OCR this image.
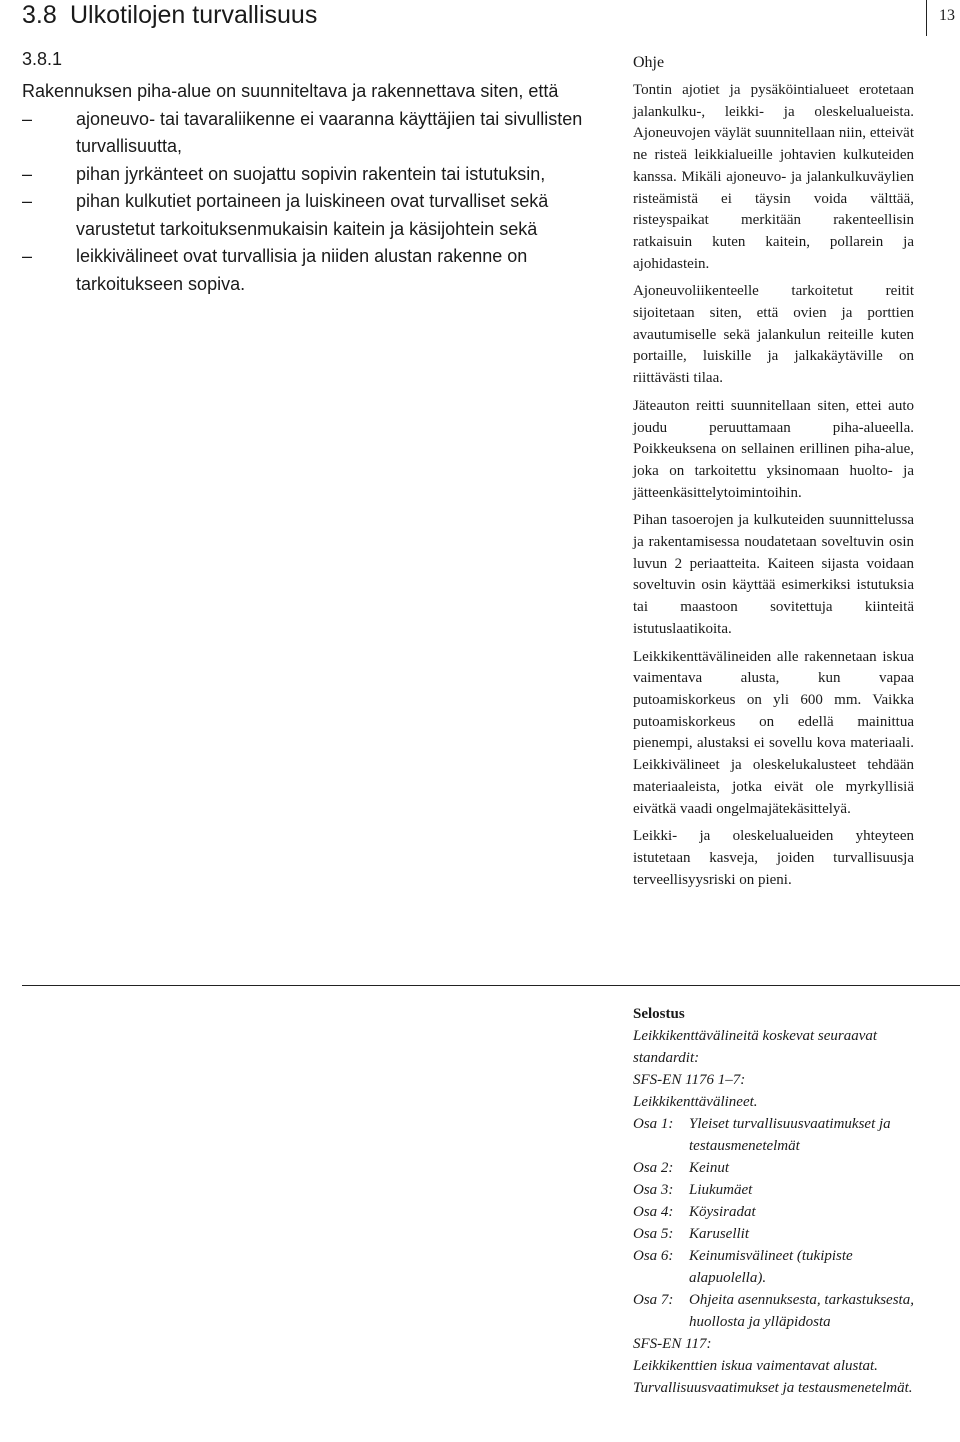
3.8 Ulkotilojen turvallisuus	13
3.8.1

Rakennuksen piha-alue on suunniteltava ja rakennettava siten, että

–	ajoneuvo- tai tavaraliikenne ei vaaranna käyttäjien tai sivullisten turvallisuutta,
–	pihan jyrkänteet on suojattu sopivin rakentein tai istutuksin,
–	pihan kulkutiet portaineen ja luiskineen ovat turvalliset sekä varustetut tarkoituksenmukaisin kaitein ja käsijohtein sekä
–	leikkivälineet ovat turvallisia ja niiden alustan rakenne on tarkoitukseen sopiva.
Ohje

Tontin ajotiet ja pysäköintialueet erotetaan jalankulku-, leikki- ja oleskelualueista. Ajoneuvojen väylät suunnitellaan niin, etteivät ne risteä leikkialueille johtavien kulkuteiden kanssa. Mikäli ajoneuvo- ja jalankulkuväylien risteämistä ei täysin voida välttää, risteyspaikat merkitään rakenteellisin ratkaisuin kuten kaitein, pollarein ja ajohidastein.

Ajoneuvoliikenteelle tarkoitetut reitit sijoitetaan siten, että ovien ja porttien avautumiselle sekä jalankulun reiteille kuten portaille, luiskille ja jalkakäytäville on riittävästi tilaa.

Jäteauton reitti suunnitellaan siten, ettei auto joudu peruuttamaan piha-alueella. Poikkeuksena on sellainen erillinen piha-alue, joka on tarkoitettu yksinomaan huolto- ja jätteenkäsittelytoimintoihin.

Pihan tasoerojen ja kulkuteiden suunnittelussa ja rakentamisessa noudatetaan soveltuvin osin luvun 2 periaatteita. Kaiteen sijasta voidaan soveltuvin osin käyttää esimerkiksi istutuksia tai maastoon sovitettuja kiinteitä istutuslaatikoita.

Leikkikenttävälineiden alle rakennetaan iskua vaimentava alusta, kun vapaa putoamiskorkeus on yli 600 mm. Vaikka putoamiskorkeus on edellä mainittua pienempi, alustaksi ei sovellu kova materiaali. Leikkivälineet ja oleskelukalusteet tehdään materiaaleista, jotka eivät ole myrkyllisiä eivätkä vaadi ongelmajätekäsittelyä.

Leikki- ja oleskelualueiden yhteyteen istutetaan kasveja, joiden turvallisuusja terveellisyysriski on pieni.

Selostus
Leikkikenttävälineitä koskevat seuraavat standardit:
SFS-EN 1176 1–7:
Leikkikenttävälineet.
Osa 1:	Yleiset turvallisuusvaatimukset ja testausmenetelmät
Osa 2:	Keinut
Osa 3:	Liukumäet
Osa 4:	Köysiradat
Osa 5:	Karusellit
Osa 6:	Keinumisvälineet (tukipiste alapuolella).
Osa 7:	Ohjeita asennuksesta, tarkastuksesta, huollosta ja ylläpidosta
SFS-EN 117:
Leikkikenttien iskua vaimentavat alustat. Turvallisuusvaatimukset ja testausmenetelmät.
